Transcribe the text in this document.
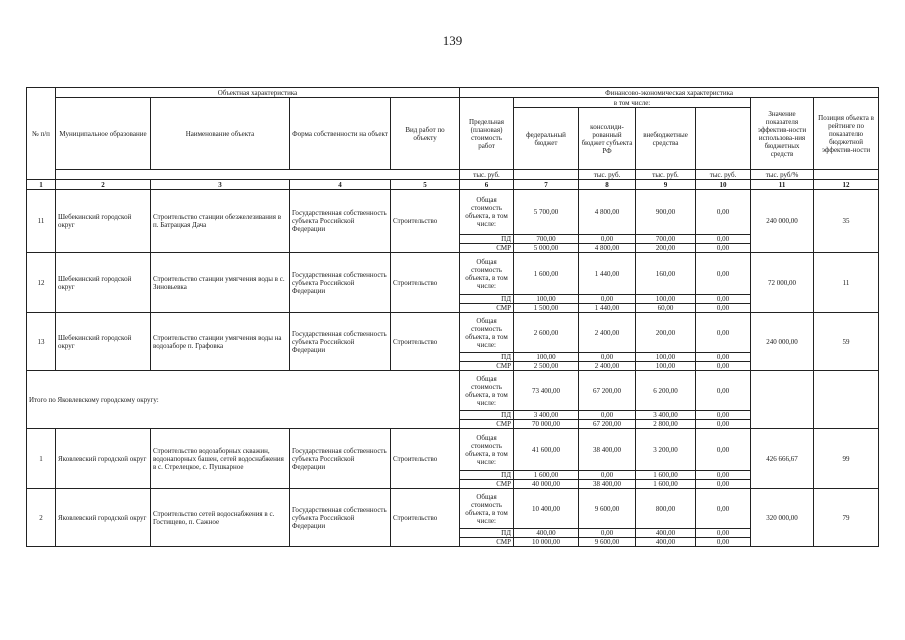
139
№ п/п	Объектная характеристика				Финансово-экономическая характеристика						
	Муниципальное образование	Наименование объекта	Форма собственности на объект	Вид работ по объекту	Предельная (плановая) стоимость работ	в том числе:				Значение показателя эффектив-ности использова-ния бюджетных средств	Позиция объекта в рейтинге по показателю бюджетной эффектив-ности
						федеральный бюджет	консолиди-рованный бюджет субъекта РФ	внебюджетные средства			
					тыс. руб.		тыс. руб.	тыс. руб.	тыс. руб.	тыс. руб/%	
1	2	3	4	5	6	7	8	9	10	11	12
11	Шебекинский городской округ	Строительство станции обезжелезивания в п. Батрацкая Дача	Государственная собственность субъекта Российской Федерации	Строительство	Общая стоимость объекта, в том числе:	5 700,00	4 800,00	900,00	0,00	240 000,00	35
					ПД	700,00	0,00	700,00	0,00		
					СМР	5 000,00	4 800,00	200,00	0,00		
12	Шебекинский городской округ	Строительство станции умягчения воды в с. Зиновьевка	Государственная собственность субъекта Российской Федерации	Строительство	Общая стоимость объекта, в том числе:	1 600,00	1 440,00	160,00	0,00	72 000,00	11
					ПД	100,00	0,00	100,00	0,00		
					СМР	1 500,00	1 440,00	60,00	0,00		
13	Шебекинский городской округ	Строительство станции умягчения воды на водозаборе п. Графовка	Государственная собственность субъекта Российской Федерации	Строительство	Общая стоимость объекта, в том числе:	2 600,00	2 400,00	200,00	0,00	240 000,00	59
					ПД	100,00	0,00	100,00	0,00		
					СМР	2 500,00	2 400,00	100,00	0,00		
Итого по Яковлевскому городскому округу:					Общая стоимость объекта, в том числе:	73 400,00	67 200,00	6 200,00	0,00		
					ПД	3 400,00	0,00	3 400,00	0,00		
					СМР	70 000,00	67 200,00	2 800,00	0,00		
1	Яковлевский городской округ	Строительство водозаборных скважин, водонапорных башен, сетей водоснабжения в с. Стрелецкое, с. Пушкарное	Государственная собственность субъекта Российской Федерации	Строительство	Общая стоимость объекта, в том числе:	41 600,00	38 400,00	3 200,00	0,00	426 666,67	99
					ПД	1 600,00	0,00	1 600,00	0,00		
					СМР	40 000,00	38 400,00	1 600,00	0,00		
2	Яковлевский городской округ	Строительство сетей водоснабжения в с. Гостищево, п. Сажное	Государственная собственность субъекта Российской Федерации	Строительство	Общая стоимость объекта, в том числе:	10 400,00	9 600,00	800,00	0,00	320 000,00	79
					ПД	400,00	0,00	400,00	0,00		
					СМР	10 000,00	9 600,00	400,00	0,00		
